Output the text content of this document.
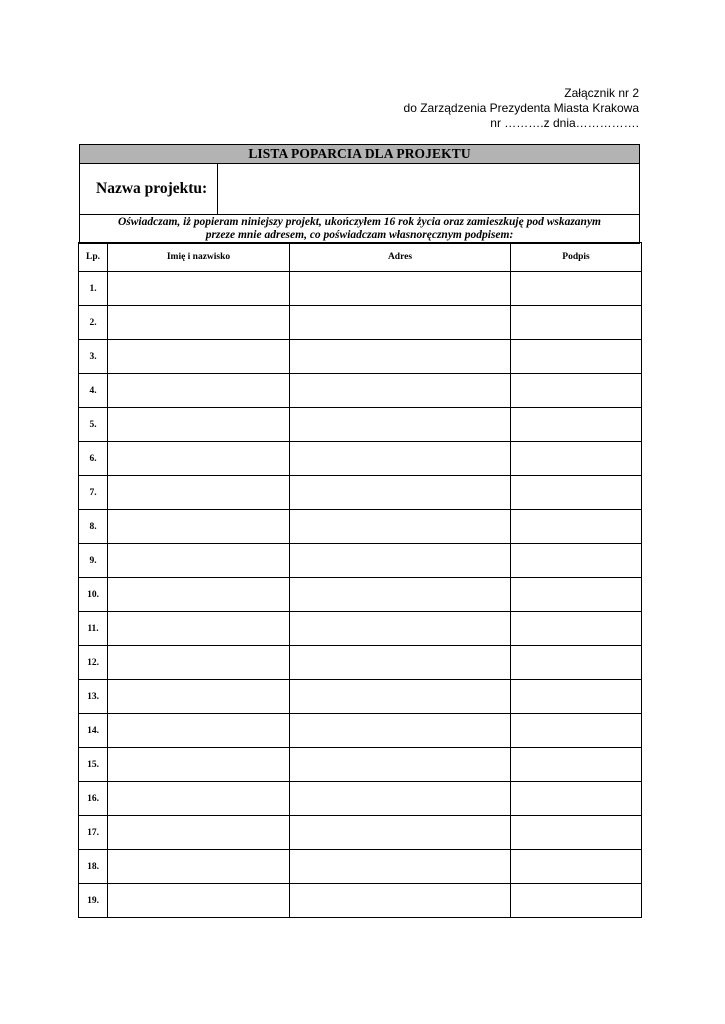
Załącznik nr 2
do Zarządzenia Prezydenta Miasta Krakowa
nr ……….z dnia…………….
LISTA POPARCIA DLA PROJEKTU
Nazwa projektu:
Oświadczam, iż popieram niniejszy projekt, ukończyłem 16 rok życia oraz zamieszkuję pod wskazanym
przeze mnie adresem, co poświadczam własnoręcznym podpisem:
Lp.	Imię i nazwisko	Adres	Podpis
1.			
2.			
3.			
4.			
5.			
6.			
7.			
8.			
9.			
10.			
11.			
12.			
13.			
14.			
15.			
16.			
17.			
18.			
19.			
